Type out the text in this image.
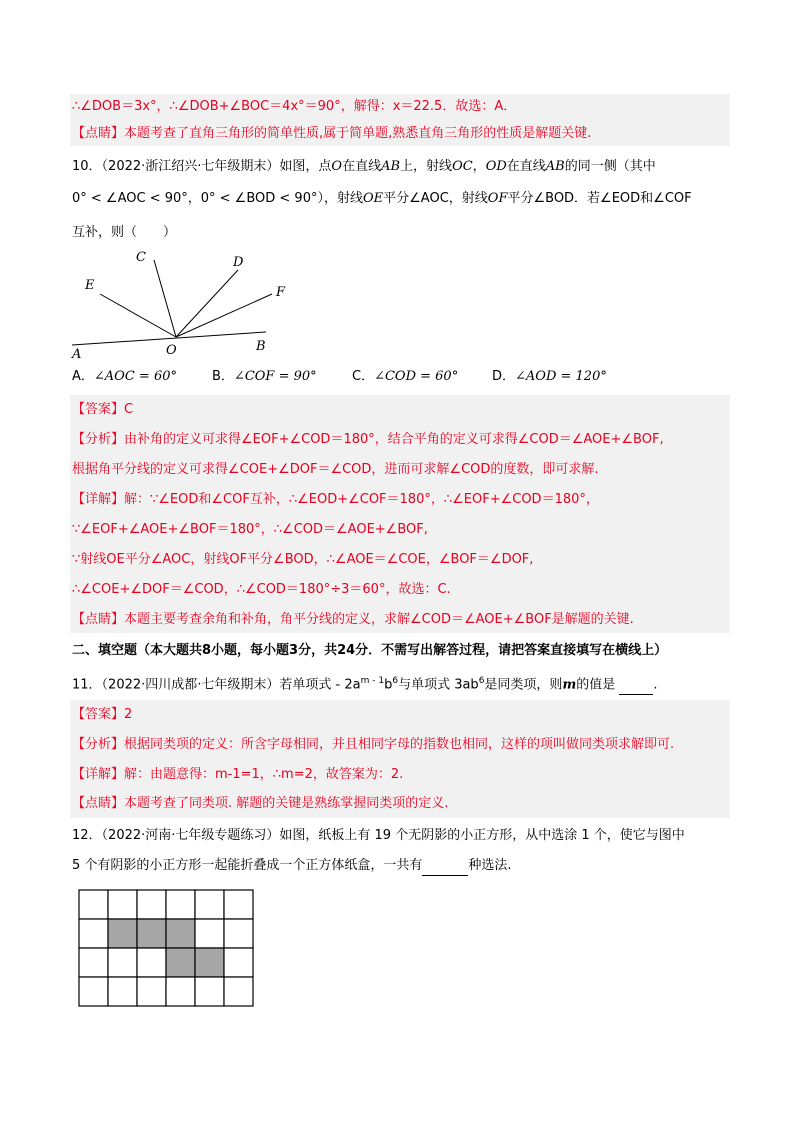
∴∠DOB＝3x°，∴∠DOB+∠BOC＝4x°＝90°，解得：x＝22.5．故选：A．
【点睛】本题考查了直角三角形的简单性质,属于简单题,熟悉直角三角形的性质是解题关键.
10．（2022·浙江绍兴·七年级期末）如图，点O在直线AB上，射线OC，OD在直线AB的同一侧（其中
0° < ∠AOC < 90°，0° < ∠BOD < 90°），射线OE平分∠AOC，射线OF平分∠BOD．若∠EOD和∠COF
互补，则（　　）
C	D
E	F
A	O	B
A．∠AOC = 60°	B．∠COF = 90°	C．∠COD = 60°	D．∠AOD = 120°
【答案】C
【分析】由补角的定义可求得∠EOF+∠COD＝180°，结合平角的定义可求得∠COD＝∠AOE+∠BOF,
根据角平分线的定义可求得∠COE+∠DOF＝∠COD，进而可求解∠COD的度数，即可求解.
【详解】解：∵∠EOD和∠COF互补，∴∠EOD+∠COF＝180°，∴∠EOF+∠COD＝180°，
∵∠EOF+∠AOE+∠BOF＝180°，∴∠COD＝∠AOE+∠BOF,
∵射线OE平分∠AOC，射线OF平分∠BOD，∴∠AOE＝∠COE，∠BOF＝∠DOF,
∴∠COE+∠DOF＝∠COD，∴∠COD＝180°÷3＝60°，故选：C.
【点睛】本题主要考查余角和补角，角平分线的定义，求解∠COD＝∠AOE+∠BOF是解题的关键.
二、填空题（本大题共8小题，每小题3分，共24分．不需写出解答过程，请把答案直接填写在横线上）
11．（2022·四川成都·七年级期末）若单项式 - $2a^{m - 1}b^6$与单项式 $3ab^6$是同类项，则m的值是	.
【答案】2
【分析】根据同类项的定义：所含字母相同，并且相同字母的指数也相同，这样的项叫做同类项求解即可.
【详解】解：由题意得：m-1=1，∴m=2，故答案为：2.
【点睛】本题考查了同类项. 解题的关键是熟练掌握同类项的定义.
12．（2022·河南·七年级专题练习）如图，纸板上有 19 个无阴影的小正方形，从中选涂 1 个，使它与图中
5 个有阴影的小正方形一起能折叠成一个正方体纸盒，一共有	种选法.
